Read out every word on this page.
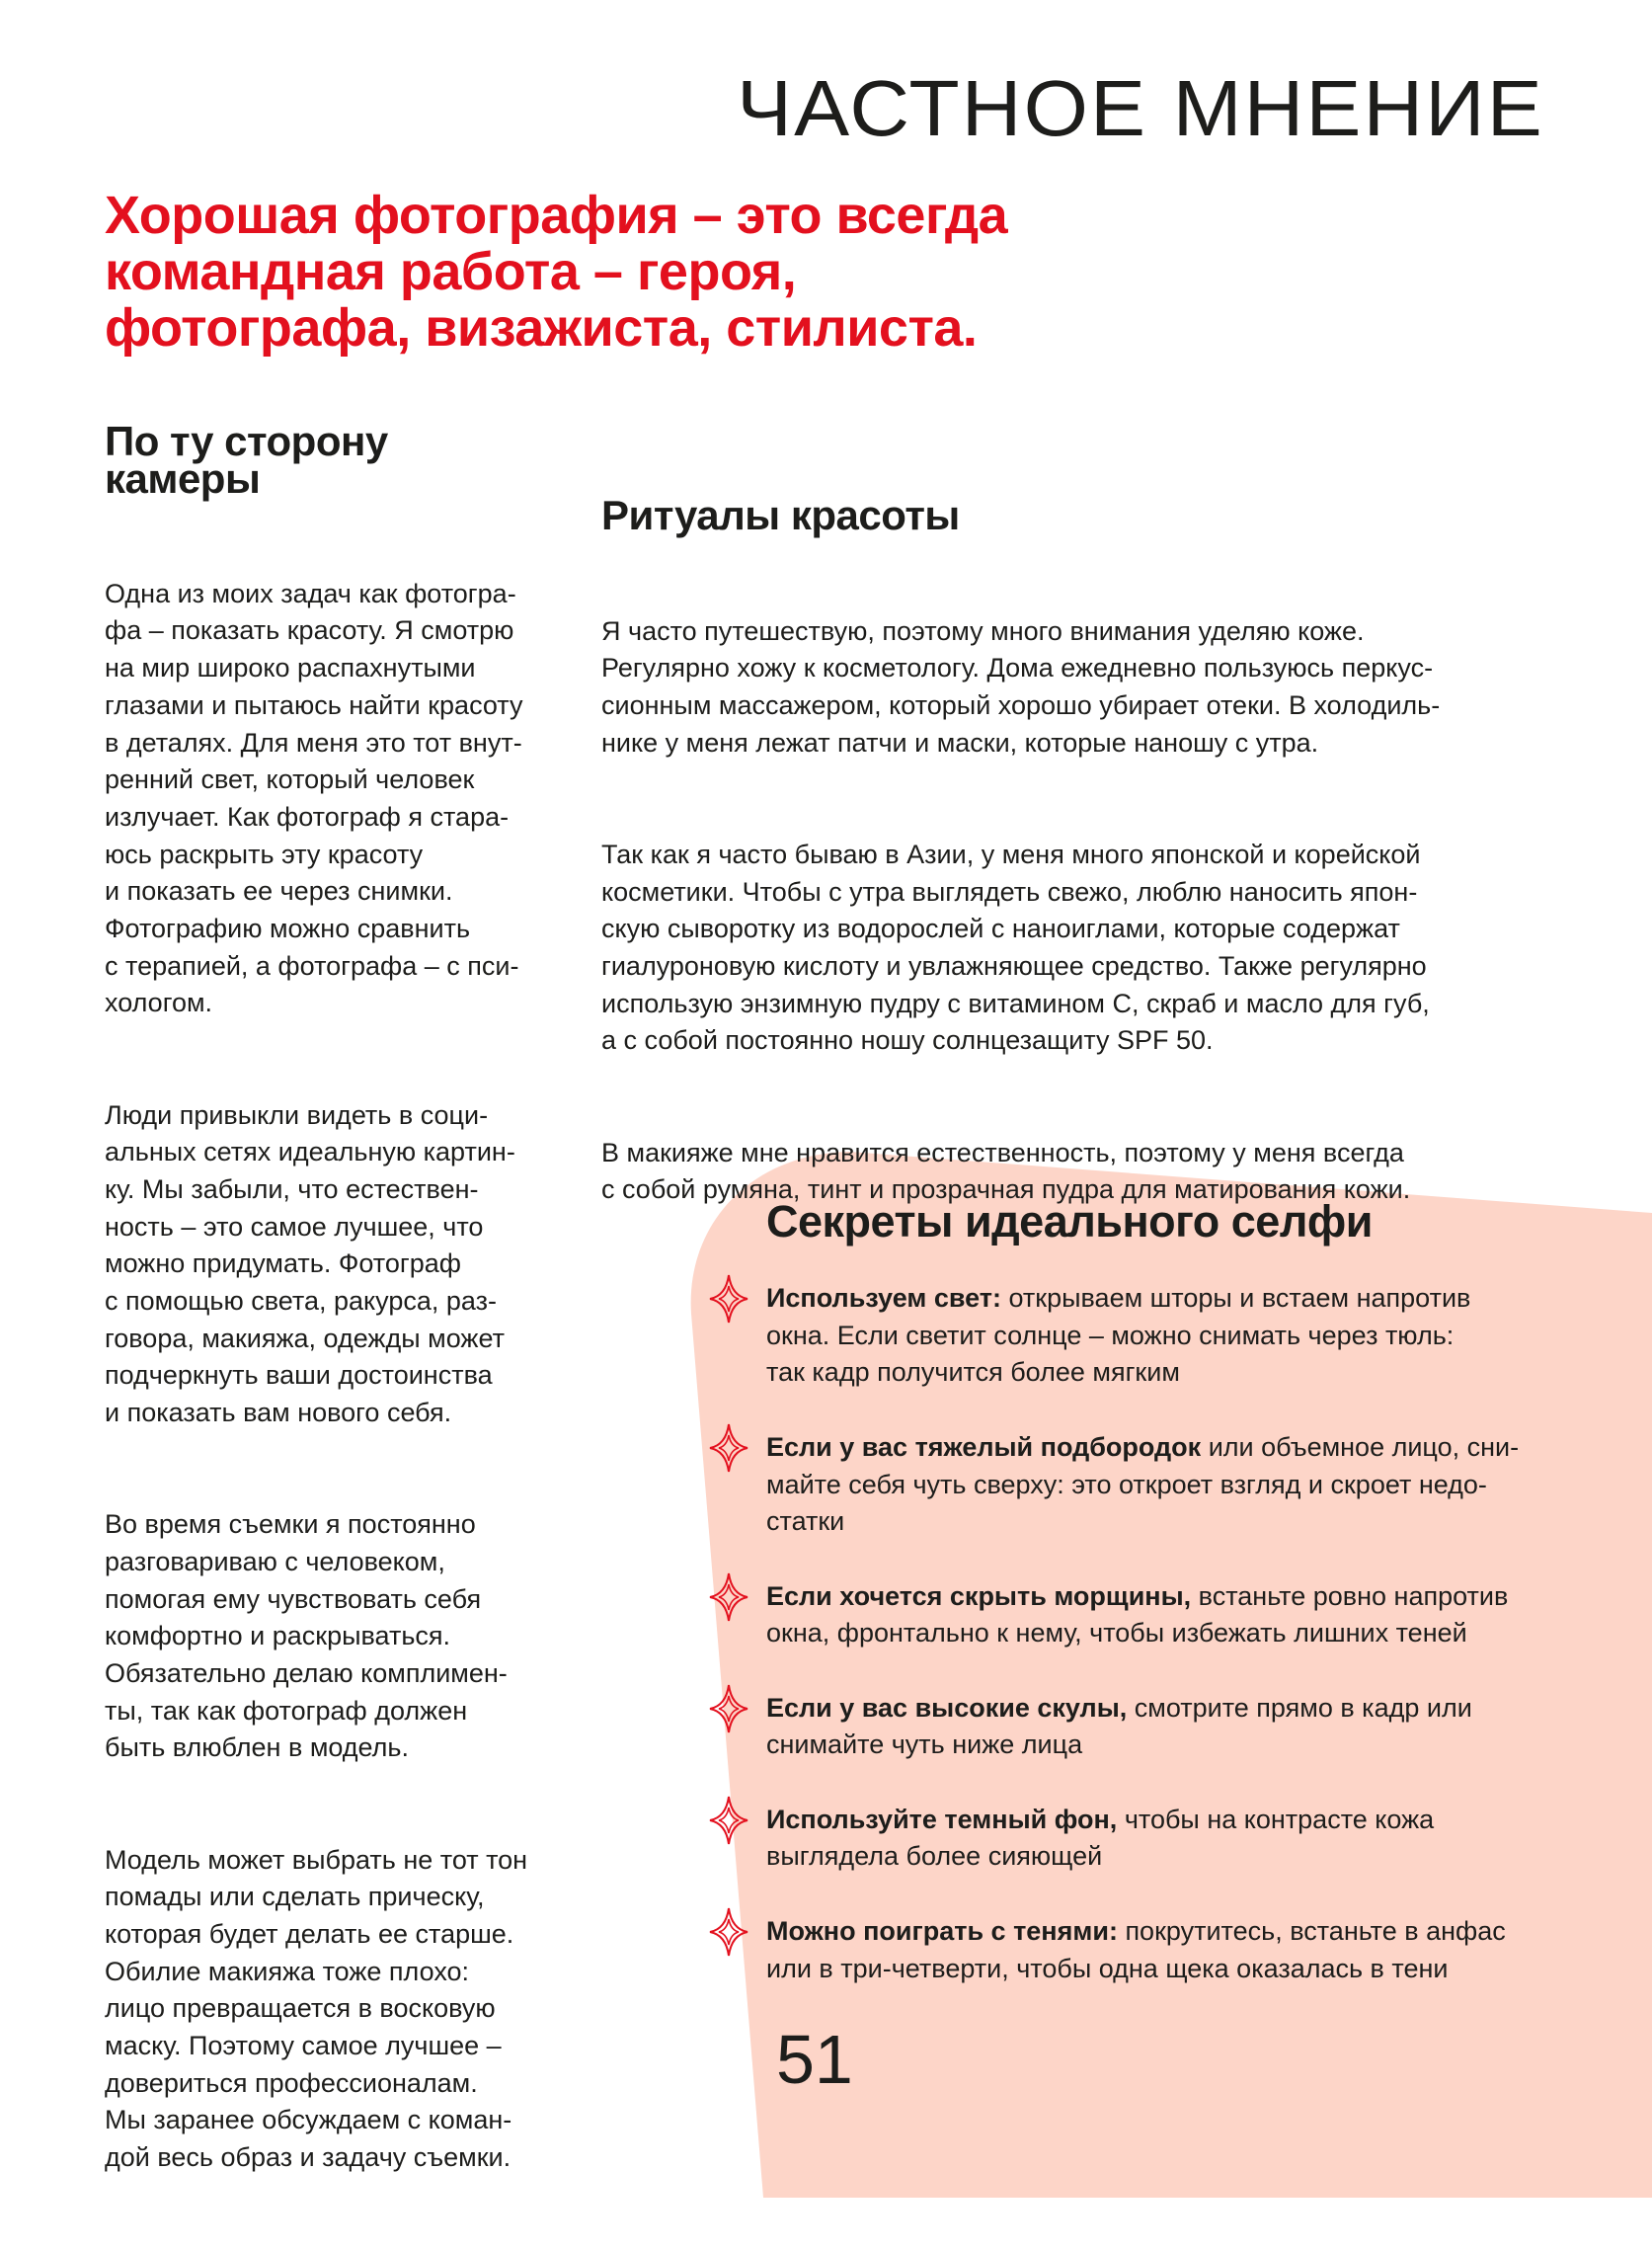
ЧАСТНОЕ МНЕНИЕ
Хорошая фотография – это всегда
командная работа – героя,
фотографа, визажиста, стилиста.
По ту сторону
камеры

Одна из моих задач как фотогра-
фа – показать красоту. Я смотрю
на мир широко распахнутыми
глазами и пытаюсь найти красоту
в деталях. Для меня это тот внут-
ренний свет, который человек
излучает. Как фотограф я стара-
юсь раскрыть эту красоту
и показать ее через снимки.
Фотографию можно сравнить
с терапией, а фотографа – с пси-
хологом.

Люди привыкли видеть в соци-
альных сетях идеальную картин-
ку. Мы забыли, что естествен-
ность – это самое лучшее, что
можно придумать. Фотограф
с помощью света, ракурса, раз-
говора, макияжа, одежды может
подчеркнуть ваши достоинства
и показать вам нового себя.

Во время съемки я постоянно
разговариваю с человеком,
помогая ему чувствовать себя
комфортно и раскрываться.
Обязательно делаю комплимен-
ты, так как фотограф должен
быть влюблен в модель.

Модель может выбрать не тот тон
помады или сделать прическу,
которая будет делать ее старше.
Обилие макияжа тоже плохо:
лицо превращается в восковую
маску. Поэтому самое лучшее –
довериться профессионалам.
Мы заранее обсуждаем с коман-
дой весь образ и задачу съемки.

Ритуалы красоты

Я часто путешествую, поэтому много внимания уделяю коже.
Регулярно хожу к косметологу. Дома ежедневно пользуюсь перкус-
сионным массажером, который хорошо убирает отеки. В холодиль-
нике у меня лежат патчи и маски, которые наношу с утра.

Так как я часто бываю в Азии, у меня много японской и корейской
косметики. Чтобы с утра выглядеть свежо, люблю наносить япон-
скую сыворотку из водорослей с наноиглами, которые содержат
гиалуроновую кислоту и увлажняющее средство. Также регулярно
использую энзимную пудру с витамином С, скраб и масло для губ,
а с собой постоянно ношу солнцезащиту SPF 50.

В макияже мне нравится естественность, поэтому у меня всегда
с собой румяна, тинт и прозрачная пудра для матирования кожи.

Секреты идеального селфи
Используем свет: открываем шторы и встаем напротив
окна. Если светит солнце – можно снимать через тюль:
так кадр получится более мягким
Если у вас тяжелый подбородок или объемное лицо, сни-
майте себя чуть сверху: это откроет взгляд и скроет недо-
статки
Если хочется скрыть морщины, встаньте ровно напротив
окна, фронтально к нему, чтобы избежать лишних теней
Если у вас высокие скулы, смотрите прямо в кадр или
снимайте чуть ниже лица
Используйте темный фон, чтобы на контрасте кожа
выглядела более сияющей
Можно поиграть с тенями: покрутитесь, встаньте в анфас
или в три-четверти, чтобы одна щека оказалась в тени
51
